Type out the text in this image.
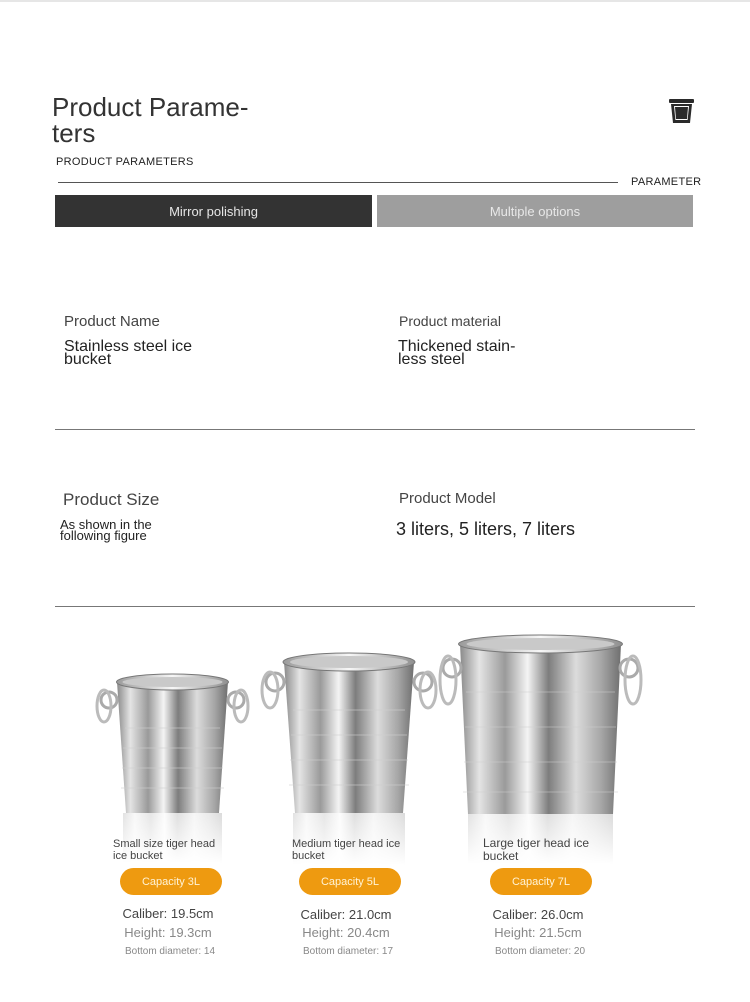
Product Parame-
ters
PRODUCT PARAMETERS
PARAMETER
Mirror polishing	Multiple options
Product Name
Stainless steel ice
bucket
Product material
Thickened stain-
less steel
Product Size
As shown in the
following figure
Product Model
3 liters, 5 liters, 7 liters
Small size tiger head
ice bucket
Capacity 3L
Caliber: 19.5cm
Height: 19.3cm
Bottom diameter: 14
Medium tiger head ice
bucket
Capacity 5L
Caliber: 21.0cm
Height: 20.4cm
Bottom diameter: 17
Large tiger head ice
bucket
Capacity 7L
Caliber: 26.0cm
Height: 21.5cm
Bottom diameter: 20
